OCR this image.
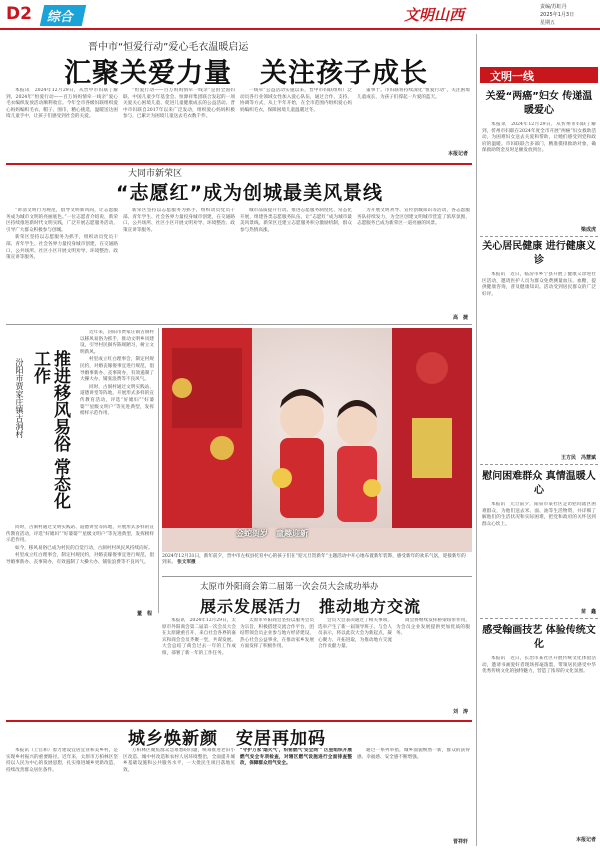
D2	综合	文明山西	责编/苏虹丹
2025年1月3日
星期五
晋中市“恒爱行动”爱心毛衣温暖启运
汇聚关爱力量　关注孩子成长

本报讯　2024年12月29日，从晋中市妇联了解到，2024年“恒爱行动——百万妈妈情牵一线亲”爱心毛衣编织发放活动顺利收官。今年全市各级妇联组织爱心妈妈编织毛衣、帽子、围巾，精心挑选，温暖送达困境儿童手中，让孩子们感受到社会的关爱。

“恒爱行动——百万妈妈情牵一线亲”是由全国妇联、中国儿童少年基金会、恒源祥集团联合发起的一项关爱关心困境儿童、促进儿童健康成长的公益活动。晋中市妇联自2017年以来广泛发动，组织爱心妈妈积极参与，已累计为困境儿童送去毛衣数千件。

一线牵”公益活动实施以来，晋中市妇联组织广泛动员各行业领域女性加入爱心队伍，通过合作、支持、协调等方式，从上半年开始，在全市范围内组织爱心妈妈编织毛衣，保障困境儿童温暖过冬。

董事于。市妇联将持续深化“恒爱行动”，关注困境儿童成长，为孩子们撑起一片爱的蓝天。

本报记者
大同市新荣区
“志愿红”成为创城最美风景线

“讲清文明行为规范，倡导文明新风尚，让志愿服务成为城市文明的亮丽底色。”一位志愿者介绍说，新荣区持续推进新时代文明实践，广泛开展志愿服务活动，引导广大群众积极参与创城。

新荣区坚持以志愿服务为抓手，组织动员党员干部、青年学生、社会各界力量投身城市创建，在交通路口、公共场所、社区小区开展文明劝导、环境整治、政策宣讲等服务。

新荣区坚持以志愿服务为抓手，组织动员党员干部、青年学生、社会各界力量投身城市创建，在交通路口、公共场所、社区小区开展文明劝导、环境整治、政策宣讲等服务。

城市品质提升行动。推进志愿服务制度化、常态化开展，组建各类志愿服务队伍，让“志愿红”成为城市最美风景线。新荣区还建立志愿服务积分激励机制，群众参与热情高涨。

为开展文明劝导、宣传创城知识等活动，各志愿服务队持续发力，为全区创建文明城市营造了浓厚氛围，志愿服务已成为新荣区一道亮丽的风景。

高　捷
推进移风易俗 常态化工作
汾阳市贾家庄镇古洞村

近年来，汾阳市贾家庄镇古洞村以移风易俗为抓手，推动文明乡风建设，引导村民摒弃陈规陋习，树立文明新风。

村里成立红白理事会，制定村规民约，对婚丧嫁娶事宜进行规范，倡导婚事新办、丧事简办，有效遏制了大操大办、铺张浪费等不良风气。

同时，古洞村通过文明实践站、道德讲堂等阵地，开展形式多样的宣传教育活动，评选“好媳妇”“好婆婆”“星级文明户”等先进典型，发挥榜样示范作用。

同时，古洞村通过文明实践站、道德讲堂等阵地，开展形式多样的宣传教育活动，评选“好媳妇”“好婆婆”“星级文明户”等先进典型，发挥榜样示范作用。

如今，移风易俗已成为村民的自觉行动，古洞村村风民风持续向好。

村里成立红白理事会，制定村规民约，对婚丧嫁娶事宜进行规范，倡导婚事新办、丧事简办，有效遏制了大操大办、铺张浪费等不良风气。

董　程
金蛇贺岁　童趣迎新
2024年12月31日，新年前夕，晋中市左权县托育中心的孩子们在“迎元旦贺新年”主题活动中开心地布置新年装饰，感受新年的欢乐气氛，迎接新年的到来。 张文军摄
太原市外阳商会第二届第一次会员大会成功举办
展示发展活力　推动地方交流

本报讯　2024年12月29日，太原市外阳商会第二届第一次会员大会在太原隆重召开，来自社会各界的嘉宾和商会会员齐聚一堂，共谋发展。大会总结了商会过去一年的工作成绩，部署了新一年的工作任务。

太原市外阳商会坚持以服务会员为宗旨，积极搭建交流合作平台，团结带领会员企业参与地方经济建设，热心社会公益事业，在推动家乡发展方面发挥了积极作用。

会员大会表决通过了相关事项，选举产生了新一届领导班子。与会人员表示，将以此次大会为新起点，凝心聚力、开拓进取，为推动地方交流合作贡献力量。

商会将继续发挥桥梁纽带作用，为会员企业发展提供更加优质的服务。

刘　涛
城乡焕新颜　安居再加码

本报讯（上官和）着力建设宜居宜业和美乡村，是实现乡村振兴的重要路径。近年来，太原市万柏林区坚持以人民为中心的发展思想，扎实推进城乡更新改造，持续改善群众居住条件。

万柏林区聚焦群众急难愁盼问题，统筹推进老旧小区改造、城中村改造和农村人居环境整治，全面提升城乡基础设施和公共服务水平，一大批民生项目落地见效。

“守护万家‘烟火气’，织密燃气‘安全网’” 区里组织开展燃气安全专项检查，对辖区燃气设施进行全面排查整改，保障群众用气安全。

通过一系列举措，城乡面貌焕然一新，群众的获得感、幸福感、安全感不断增强。

晋祥轩
文明一线
关爱“两癌”妇女 传递温暖爱心

本报讯　2024年12月29日，从忻州市妇联了解到，忻州市妇联在2024年度全市开展“两癌”妇女救助活动，为困难妇女送去关爱和帮助，让她们感受到党和政府的温暖。市妇联联合多部门，精准摸排救助对象，确保救助资金及时足额发放到位。

梁成虎
关心居民健康 进行健康义诊

本报讯　近日，临汾市乡宁县开展了健康义诊进社区活动，邀请医护人员为群众免费测量血压、血糖，提供健康咨询，普及健康知识。活动受到居民群众的广泛好评。

王方民　冯慧斌
慰问困难群众 真情温暖人心

本报讯　元旦前夕，阳泉市某社区走访慰问辖区困难群众，为他们送去米、面、油等生活物资，并详细了解他们的生活状况和实际困难，把党和政府的关怀送到群众心坎上。

苗　鑫
感受翰画技艺 体验传统文化

本报讯　近日，长治市某社区开展传统文化体验活动，邀请书画爱好者现场挥毫泼墨，带领居民感受中华优秀传统文化的独特魅力，营造了浓厚的文化氛围。

本报记者
